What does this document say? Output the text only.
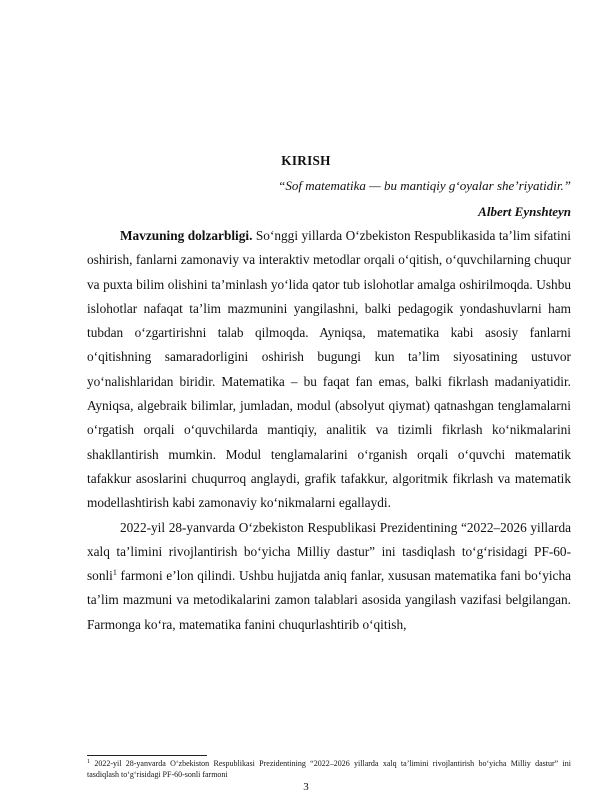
KIRISH
“Sof matematika — bu mantiqiy g‘oyalar she’riyatidir.”
Albert Eynshteyn

Mavzuning dolzarbligi. So‘nggi yillarda O‘zbekiston Respublikasida ta’lim sifatini oshirish, fanlarni zamonaviy va interaktiv metodlar orqali o‘qitish, o‘quvchilarning chuqur va puxta bilim olishini ta’minlash yo‘lida qator tub islohotlar amalga oshirilmoqda. Ushbu islohotlar nafaqat ta’lim mazmunini yangilashni, balki pedagogik yondashuvlarni ham tubdan o‘zgartirishni talab qilmoqda. Ayniqsa, matematika kabi asosiy fanlarni o‘qitishning samaradorligini oshirish bugungi kun ta’lim siyosatining ustuvor yo‘nalishlaridan biridir. Matematika – bu faqat fan emas, balki fikrlash madaniyatidir. Ayniqsa, algebraik bilimlar, jumladan, modul (absolyut qiymat) qatnashgan tenglamalarni o‘rgatish orqali o‘quvchilarda mantiqiy, analitik va tizimli fikrlash ko‘nikmalarini shakllantirish mumkin. Modul tenglamalarini o‘rganish orqali o‘quvchi matematik tafakkur asoslarini chuqurroq anglaydi, grafik tafakkur, algoritmik fikrlash va matematik modellashtirish kabi zamonaviy ko‘nikmalarni egallaydi.

2022-yil 28-yanvarda O‘zbekiston Respublikasi Prezidentining “2022–2026 yillarda xalq ta’limini rivojlantirish bo‘yicha Milliy dastur” ini tasdiqlash to‘g‘risidagi PF-60-sonli$^1$ farmoni e’lon qilindi. Ushbu hujjatda aniq fanlar, xususan matematika fani bo‘yicha ta’lim mazmuni va metodikalarini zamon talablari asosida yangilash vazifasi belgilangan. Farmonga ko‘ra, matematika fanini chuqurlashtirib o‘qitish,

$^1$ 2022-yil 28-yanvarda O‘zbekiston Respublikasi Prezidentining “2022–2026 yillarda xalq ta’limini rivojlantirish bo‘yicha Milliy dastur” ini tasdiqlash to‘g‘risidagi PF-60-sonli farmoni
3
